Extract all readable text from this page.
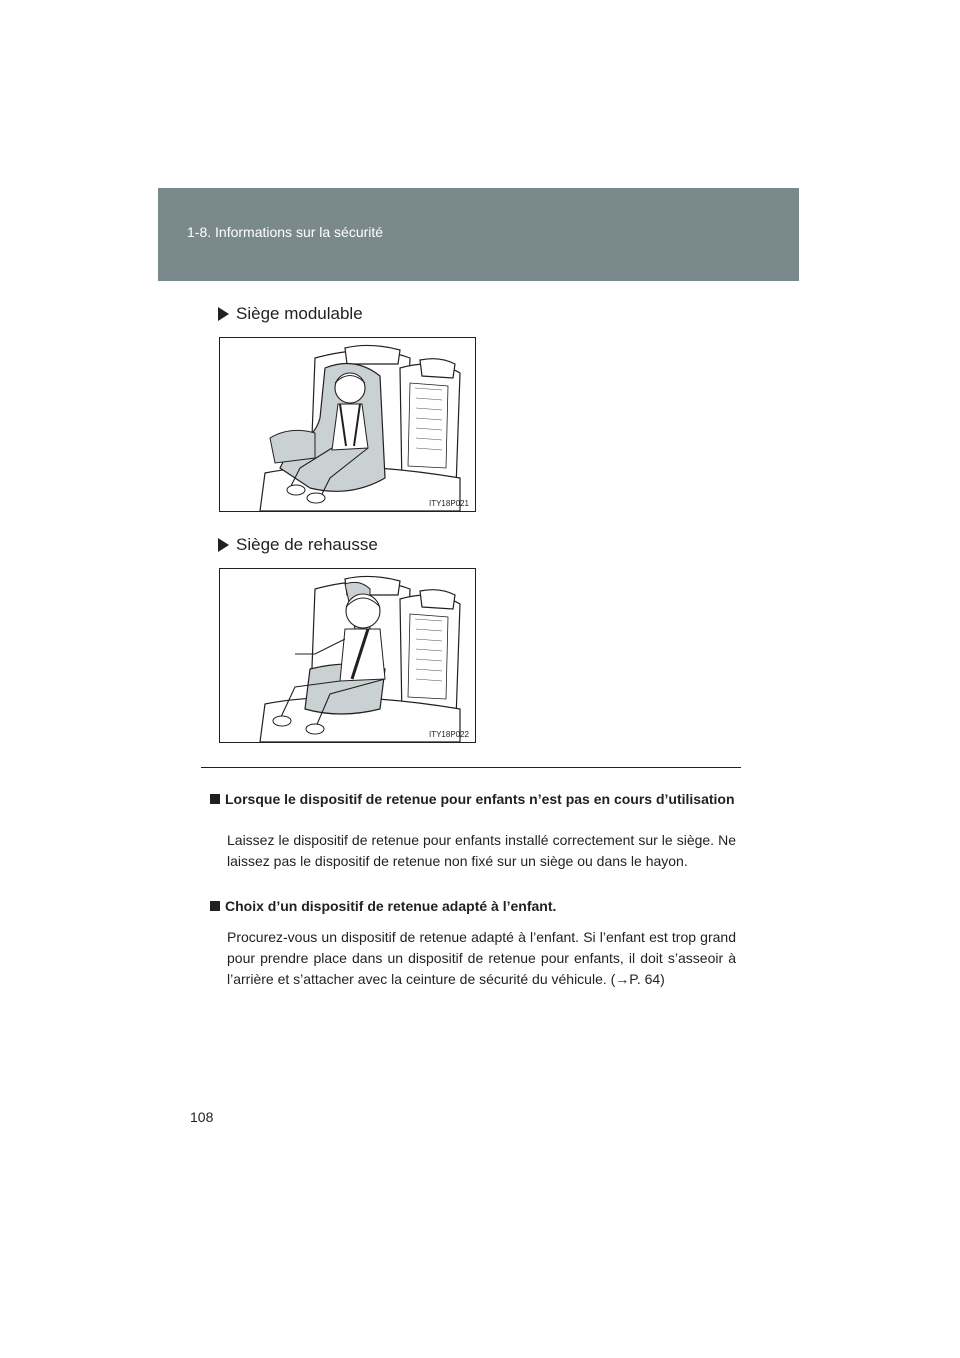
1-8. Informations sur la sécurité
Siège modulable
ITY18P021
Siège de rehausse
ITY18P022
Lorsque le dispositif de retenue pour enfants n’est pas en cours d’utilisation
Laissez le dispositif de retenue pour enfants installé correctement sur le siège. Ne laissez pas le dispositif de retenue non fixé sur un siège ou dans le hayon.
Choix d’un dispositif de retenue adapté à l’enfant.
Procurez-vous un dispositif de retenue adapté à l’enfant. Si l’enfant est trop grand pour prendre place dans un dispositif de retenue pour enfants, il doit s’asseoir à l’arrière et s’attacher avec la ceinture de sécurité du véhicule. (→P. 64)
108
